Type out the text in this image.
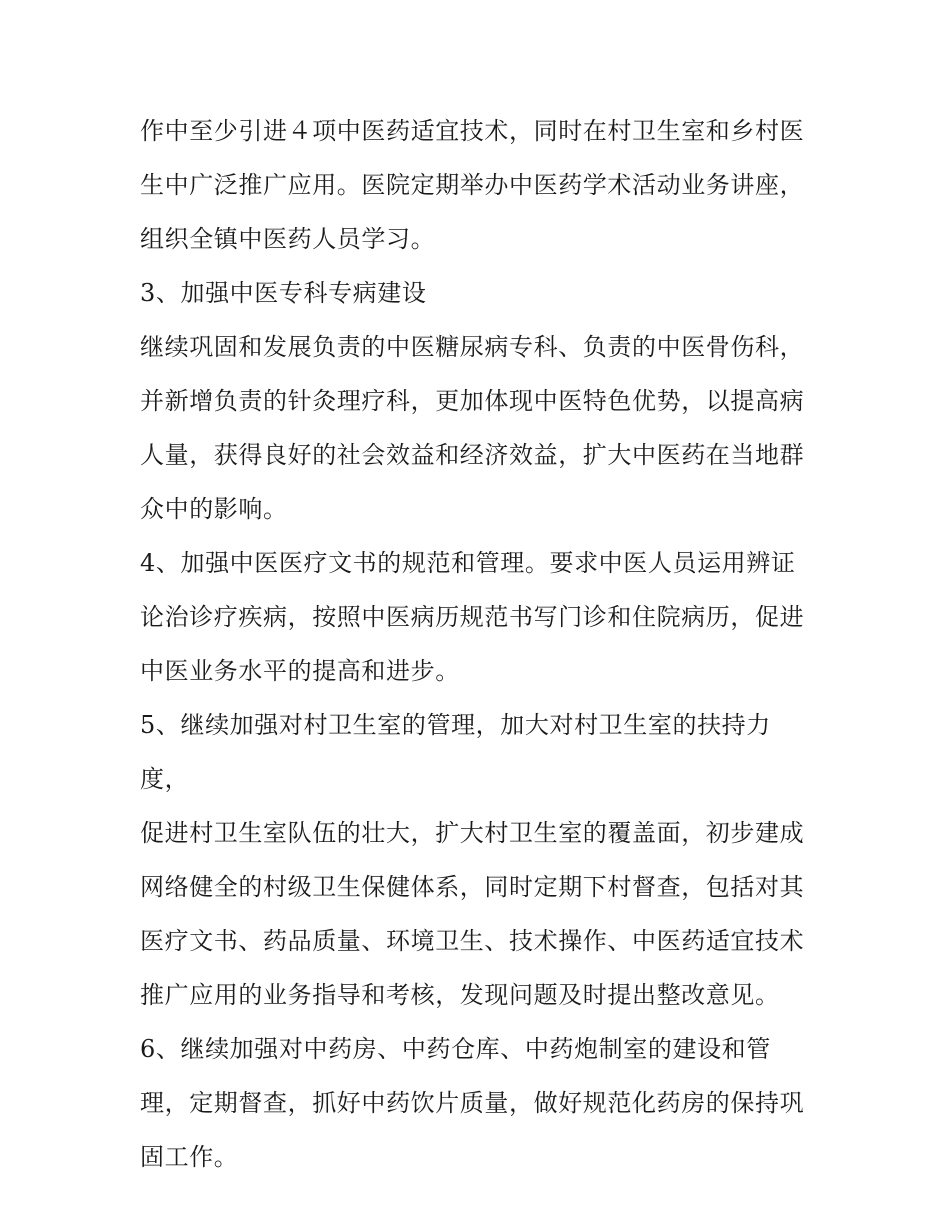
作中至少引进４项中医药适宜技术，同时在村卫生室和乡村医
生中广泛推广应用。医院定期举办中医药学术活动业务讲座，
组织全镇中医药人员学习。
3、加强中医专科专病建设
继续巩固和发展负责的中医糖尿病专科、负责的中医骨伤科，
并新增负责的针灸理疗科，更加体现中医特色优势，以提高病
人量，获得良好的社会效益和经济效益，扩大中医药在当地群
众中的影响。
4、加强中医医疗文书的规范和管理。要求中医人员运用辨证
论治诊疗疾病，按照中医病历规范书写门诊和住院病历，促进
中医业务水平的提高和进步。
5、继续加强对村卫生室的管理，加大对村卫生室的扶持力
度，
促进村卫生室队伍的壮大，扩大村卫生室的覆盖面，初步建成
网络健全的村级卫生保健体系，同时定期下村督查，包括对其
医疗文书、药品质量、环境卫生、技术操作、中医药适宜技术
推广应用的业务指导和考核，发现问题及时提出整改意见。
6、继续加强对中药房、中药仓库、中药炮制室的建设和管
理，定期督查，抓好中药饮片质量，做好规范化药房的保持巩
固工作。
